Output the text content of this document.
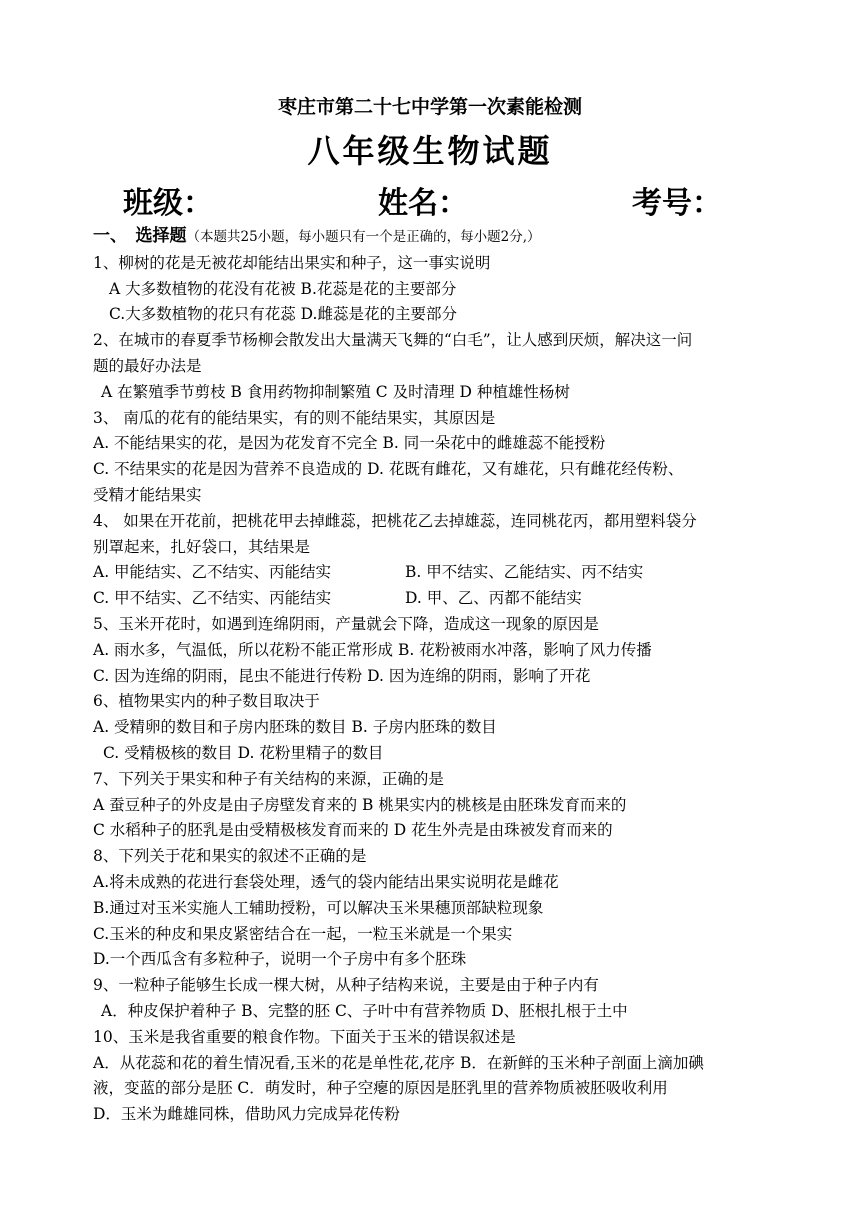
枣庄市第二十七中学第一次素能检测
八年级生物试题
班级：	姓名：	考号：
一、　选择题（本题共25小题，每小题只有一个是正确的，每小题2分,）
1、柳树的花是无被花却能结出果实和种子，这一事实说明
A 大多数植物的花没有花被 B.花蕊是花的主要部分
C.大多数植物的花只有花蕊 D.雌蕊是花的主要部分
2、在城市的春夏季节杨柳会散发出大量满天飞舞的“白毛”，让人感到厌烦，解决这一问
题的最好办法是
A 在繁殖季节剪枝 B 食用药物抑制繁殖 C 及时清理 D 种植雄性杨树
3、 南瓜的花有的能结果实，有的则不能结果实，其原因是
A. 不能结果实的花，是因为花发育不完全 B. 同一朵花中的雌雄蕊不能授粉
C. 不结果实的花是因为营养不良造成的 D. 花既有雌花，又有雄花，只有雌花经传粉、
受精才能结果实
4、 如果在开花前，把桃花甲去掉雌蕊，把桃花乙去掉雄蕊，连同桃花丙，都用塑料袋分
别罩起来，扎好袋口，其结果是
A. 甲能结实、乙不结实、丙能结实	B. 甲不结实、乙能结实、丙不结实
C. 甲不结实、乙不结实、丙能结实	D. 甲、乙、丙都不能结实
5、玉米开花时，如遇到连绵阴雨，产量就会下降，造成这一现象的原因是
A. 雨水多，气温低，所以花粉不能正常形成 B. 花粉被雨水冲落，影响了风力传播
C. 因为连绵的阴雨，昆虫不能进行传粉 D. 因为连绵的阴雨，影响了开花
6、植物果实内的种子数目取决于
A. 受精卵的数目和子房内胚珠的数目 B. 子房内胚珠的数目
C. 受精极核的数目 D. 花粉里精子的数目
7、下列关于果实和种子有关结构的来源，正确的是
A 蚕豆种子的外皮是由子房壁发育来的 B 桃果实内的桃核是由胚珠发育而来的
C 水稻种子的胚乳是由受精极核发育而来的 D 花生外壳是由珠被发育而来的
8、下列关于花和果实的叙述不正确的是
A.将未成熟的花进行套袋处理，透气的袋内能结出果实说明花是雌花
B.通过对玉米实施人工辅助授粉，可以解决玉米果穗顶部缺粒现象
C.玉米的种皮和果皮紧密结合在一起，一粒玉米就是一个果实
D.一个西瓜含有多粒种子，说明一个子房中有多个胚珠
9、一粒种子能够生长成一棵大树，从种子结构来说，主要是由于种子内有
A．种皮保护着种子 B、完整的胚 C、子叶中有营养物质 D、胚根扎根于土中
10、玉米是我省重要的粮食作物。下面关于玉米的错误叙述是
A．从花蕊和花的着生情况看,玉米的花是单性花,花序 B．在新鲜的玉米种子剖面上滴加碘
液，变蓝的部分是胚 C．萌发时，种子空瘪的原因是胚乳里的营养物质被胚吸收利用
D．玉米为雌雄同株，借助风力完成异花传粉
